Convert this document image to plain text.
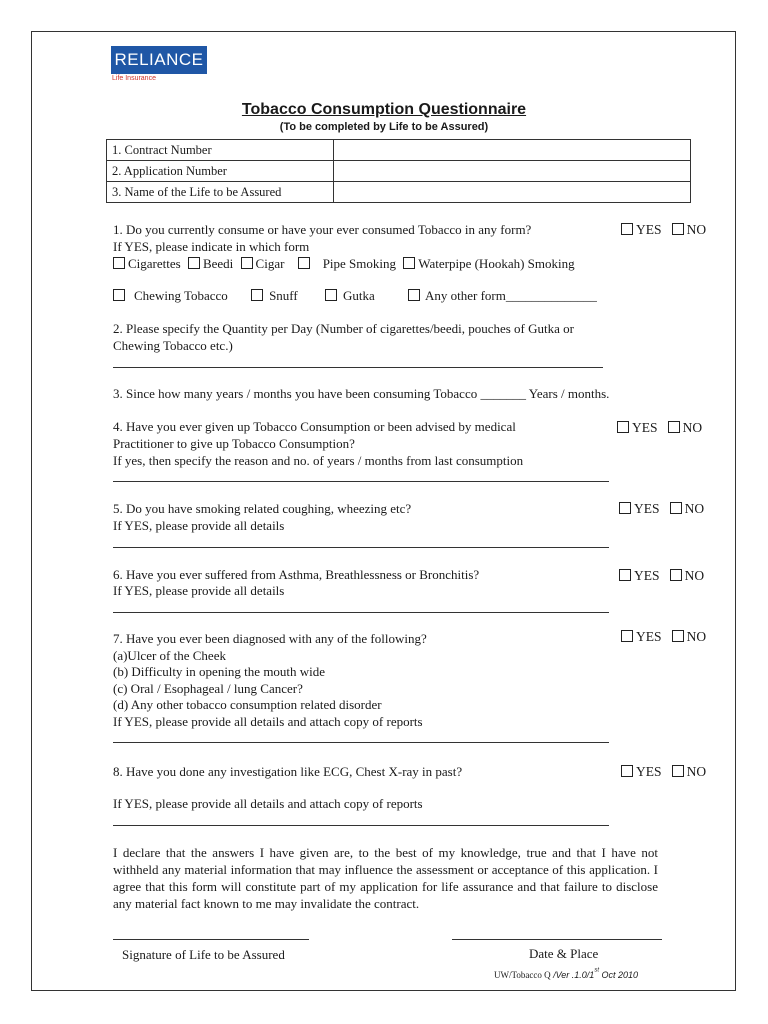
RELIANCE
Life Insurance
Tobacco Consumption Questionnaire
(To be completed by Life to be Assured)
1. Contract Number	
2. Application Number	
3. Name of the Life to be Assured	
1. Do you currently consume or have your ever consumed Tobacco in any form?	YES NO
If YES, please indicate in which form
Cigarettes Beedi Cigar	Pipe Smoking Waterpipe (Hookah) Smoking
Chewing Tobacco	Snuff	Gutka	Any other form______________
2. Please specify the Quantity per Day (Number of cigarettes/beedi, pouches of Gutka or
Chewing Tobacco etc.)
3. Since how many years / months you have been consuming Tobacco _______ Years / months.
4. Have you ever given up Tobacco Consumption or been advised by medical	YES NO
Practitioner to give up Tobacco Consumption?
If yes, then specify the reason and no. of years / months from last consumption
5. Do you have smoking related coughing, wheezing etc?	YES NO
If YES, please provide all details
6. Have you ever suffered from Asthma, Breathlessness or Bronchitis?	YES NO
If YES, please provide all details
7. Have you ever been diagnosed with any of the following?	YES NO
(a)Ulcer of the Cheek
(b) Difficulty in opening the mouth wide
(c) Oral / Esophageal / lung Cancer?
(d) Any other tobacco consumption related disorder
If YES, please provide all details and attach copy of reports
8. Have you done any investigation like ECG, Chest X-ray in past?	YES NO
If YES, please provide all details and attach copy of reports
I declare that the answers I have given are, to the best of my knowledge, true and that I have not withheld any material information that may influence the assessment or acceptance of this application. I agree that this form will constitute part of my application for life assurance and that failure to disclose any material fact known to me may invalidate the contract.
Signature of Life to be Assured	Date & Place
UW/Tobacco Q /Ver .1.0/1st Oct 2010
